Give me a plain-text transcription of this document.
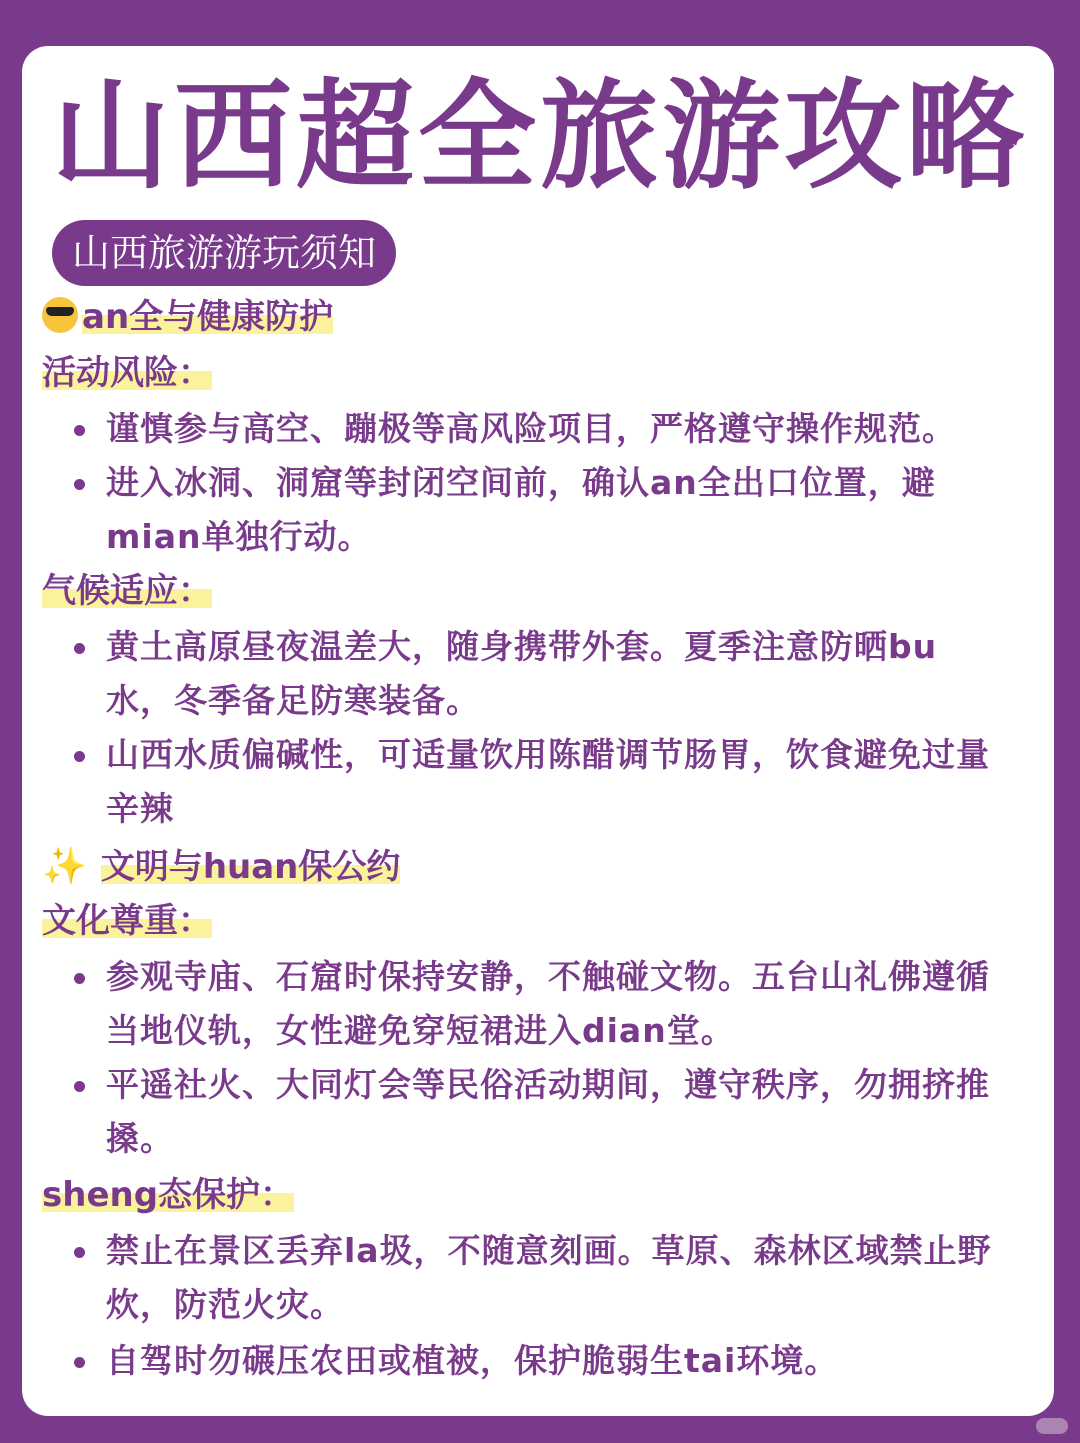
山西超全旅游攻略
山西旅游游玩须知
an全与健康防护
活动风险：
谨慎参与高空、蹦极等高风险项目，严格遵守操作规范。
进入冰洞、洞窟等封闭空间前，确认an全出口位置，避
mian单独行动。
气候适应：
黄土高原昼夜温差大，随身携带外套。夏季注意防晒bu
水，冬季备足防寒装备。
山西水质偏碱性，可适量饮用陈醋调节肠胃，饮食避免过量
辛辣
✨ 文明与huan保公约
文化尊重：
参观寺庙、石窟时保持安静，不触碰文物。五台山礼佛遵循
当地仪轨，女性避免穿短裙进入dian堂。
平遥社火、大同灯会等民俗活动期间，遵守秩序，勿拥挤推
搡。
sheng态保护：
禁止在景区丢弃la圾，不随意刻画。草原、森林区域禁止野
炊，防范火灾。
自驾时勿碾压农田或植被，保护脆弱生tai环境。
